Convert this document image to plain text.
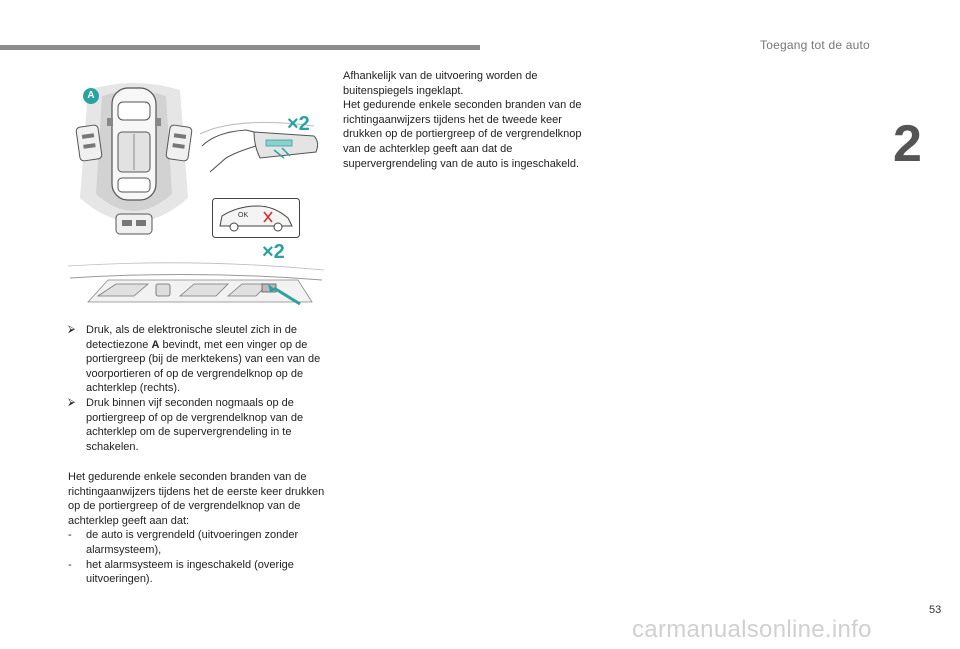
Toegang tot de auto
2
A
×2
OK
×2
⮚ Druk, als de elektronische sleutel zich in de detectiezone A bevindt, met een vinger op de portiergreep (bij de merktekens) van een van de voorportieren of op de vergrendelknop op de achterklep (rechts).
⮚ Druk binnen vijf seconden nogmaals op de portiergreep of op de vergrendelknop van de achterklep om de supervergrendeling in te schakelen.

Het gedurende enkele seconden branden van de richtingaanwijzers tijdens het de eerste keer drukken op de portiergreep of de vergrendelknop van de achterklep geeft aan dat:

- de auto is vergrendeld (uitvoeringen zonder alarmsysteem),
- het alarmsysteem is ingeschakeld (overige uitvoeringen).

Afhankelijk van de uitvoering worden de buitenspiegels ingeklapt.

Het gedurende enkele seconden branden van de richtingaanwijzers tijdens het de tweede keer drukken op de portiergreep of de vergrendelknop van de achterklep geeft aan dat de supervergrendeling van de auto is ingeschakeld.

53
carmanualsonline.info
